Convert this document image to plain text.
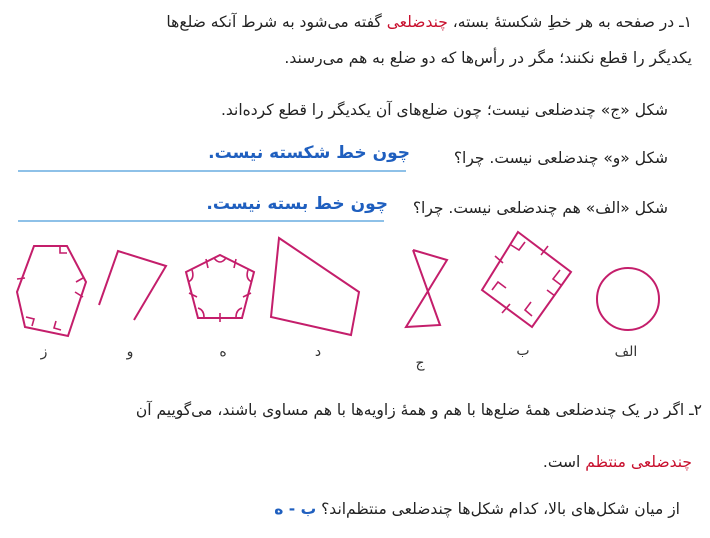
۱ـ در صفحه به هر خطِ شکستهٔ بسته، چندضلعی گفته می‌شود به شرط آنکه ضلع‌ها
یکدیگر را قطع نکنند؛ مگر در رأس‌ها که دو ضلع به هم می‌رسند.
شکل «ج» چندضلعی نیست؛ چون ضلع‌های آن یکدیگر را قطع کرده‌اند.
شکل «و» چندضلعی نیست. چرا؟
چون خط شکسته نیست.
شکل «الف» هم چندضلعی نیست. چرا؟
چون خط بسته نیست.
الف
ب
ج
د
ه
و
ز
۲ـ اگر در یک چندضلعی همهٔ ضلع‌ها با هم و همهٔ زاویه‌ها با هم مساوی باشند، می‌گوییم آن
چندضلعی منتظم است.
از میان شکل‌های بالا، کدام شکل‌ها چندضلعی منتظم‌اند؟ ب - ه
